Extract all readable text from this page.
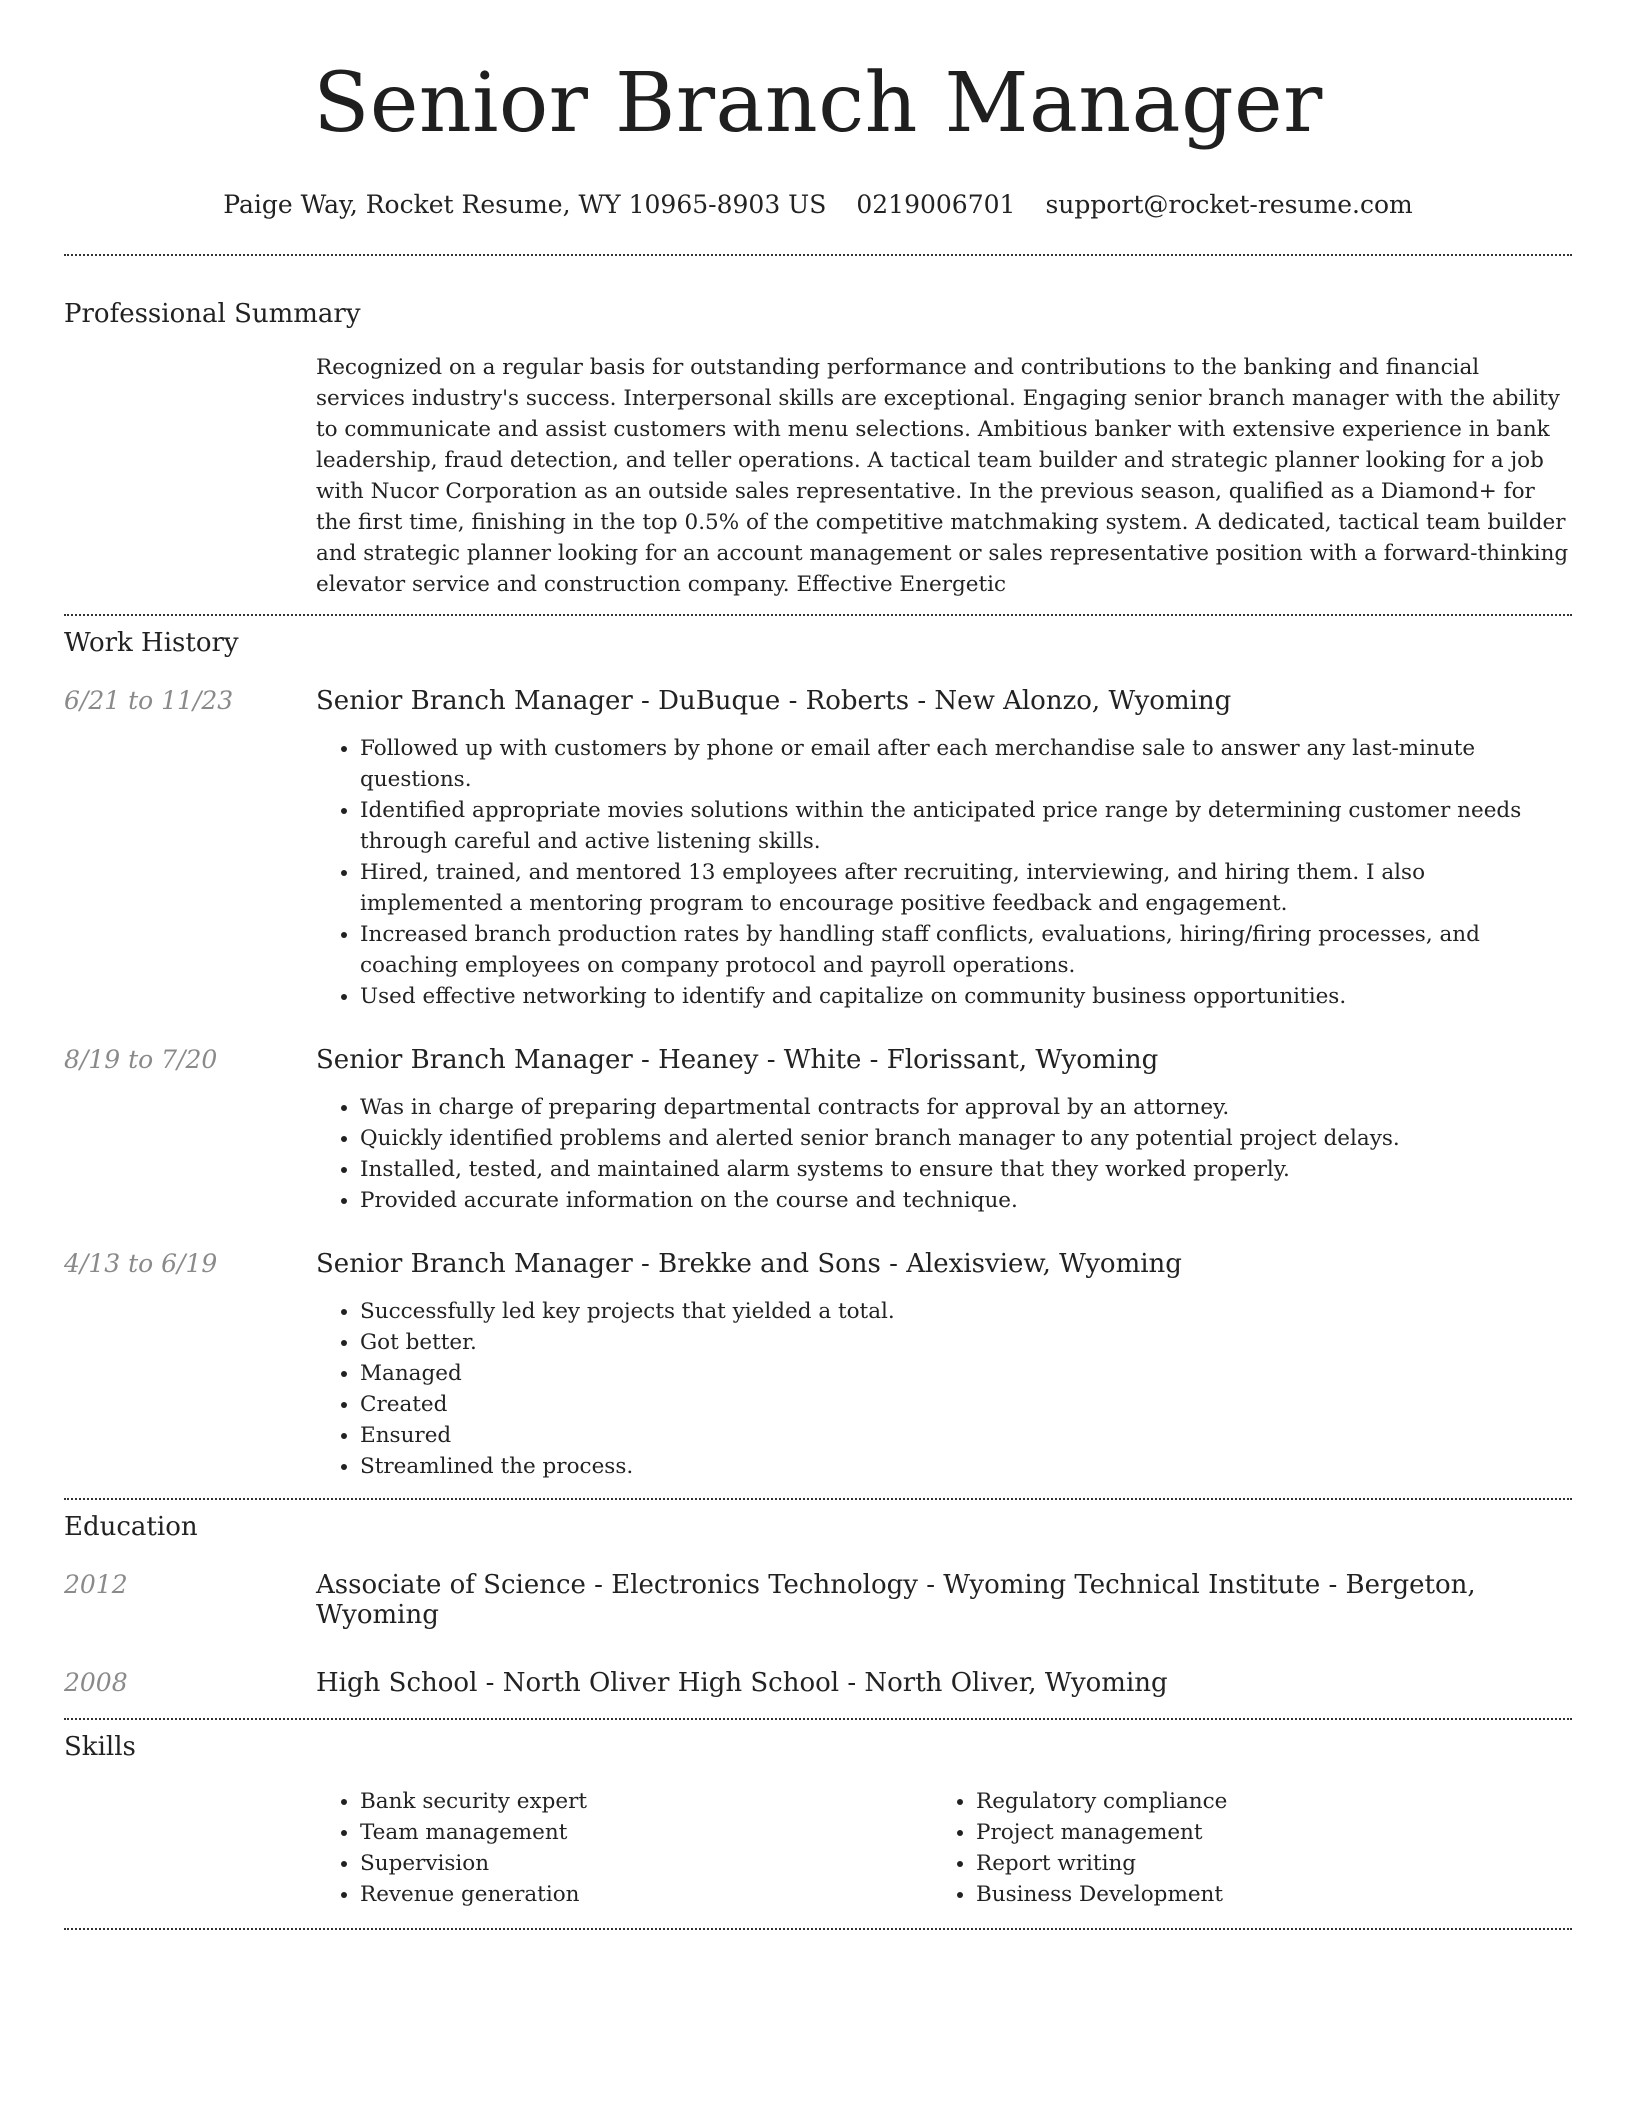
Senior Branch Manager
Paige Way, Rocket Resume, WY 10965-8903 US 0219006701 support@rocket-resume.com
Professional Summary

Recognized on a regular basis for outstanding performance and contributions to the banking and financial services industry's success. Interpersonal skills are exceptional. Engaging senior branch manager with the ability to communicate and assist customers with menu selections. Ambitious banker with extensive experience in bank leadership, fraud detection, and teller operations. A tactical team builder and strategic planner looking for a job with Nucor Corporation as an outside sales representative. In the previous season, qualified as a Diamond+ for the first time, finishing in the top 0.5% of the competitive matchmaking system. A dedicated, tactical team builder and strategic planner looking for an account management or sales representative position with a forward-thinking elevator service and construction company. Effective Energetic

Work History
6/21 to 11/23	Senior Branch Manager - DuBuque - Roberts - New Alonzo, Wyoming
• Followed up with customers by phone or email after each merchandise sale to answer any last-minute questions.
• Identified appropriate movies solutions within the anticipated price range by determining customer needs through careful and active listening skills.
• Hired, trained, and mentored 13 employees after recruiting, interviewing, and hiring them. I also implemented a mentoring program to encourage positive feedback and engagement.
• Increased branch production rates by handling staff conflicts, evaluations, hiring/firing processes, and coaching employees on company protocol and payroll operations.
• Used effective networking to identify and capitalize on community business opportunities.
8/19 to 7/20	Senior Branch Manager - Heaney - White - Florissant, Wyoming
• Was in charge of preparing departmental contracts for approval by an attorney.
• Quickly identified problems and alerted senior branch manager to any potential project delays.
• Installed, tested, and maintained alarm systems to ensure that they worked properly.
• Provided accurate information on the course and technique.
4/13 to 6/19	Senior Branch Manager - Brekke and Sons - Alexisview, Wyoming
• Successfully led key projects that yielded a total.
• Got better.
• Managed
• Created
• Ensured
• Streamlined the process.
Education
2012	Associate of Science - Electronics Technology - Wyoming Technical Institute - Bergeton, Wyoming
2008	High School - North Oliver High School - North Oliver, Wyoming
Skills
• Bank security expert
• Team management
• Supervision
• Revenue generation
• Regulatory compliance
• Project management
• Report writing
• Business Development
